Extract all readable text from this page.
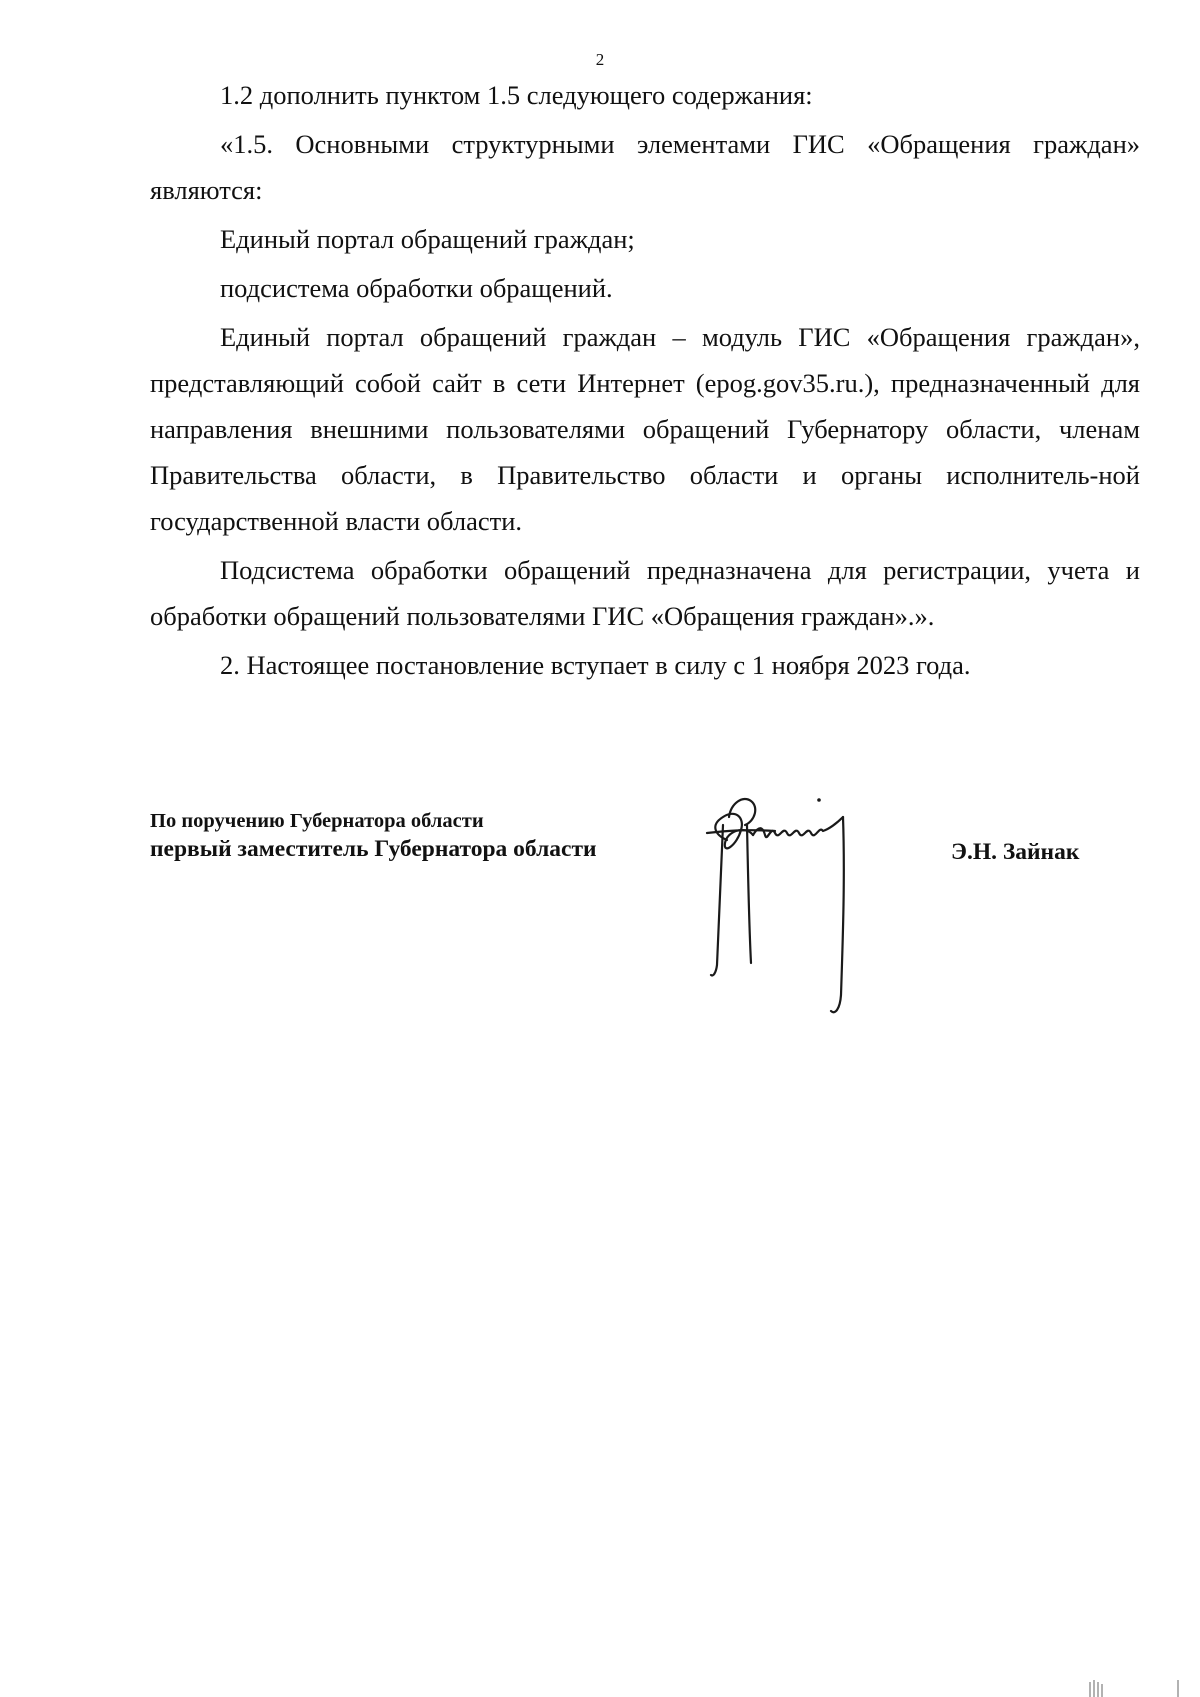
2

1.2 дополнить пунктом 1.5 следующего содержания:

«1.5. Основными структурными элементами ГИС «Обращения граждан» являются:

Единый портал обращений граждан;

подсистема обработки обращений.

Единый портал обращений граждан – модуль ГИС «Обращения граждан», представляющий собой сайт в сети Интернет (epog.gov35.ru.), предназначенный для направления внешними пользователями обращений Губернатору области, членам Правительства области, в Правительство области и органы исполнитель-ной государственной власти области.

Подсистема обработки обращений предназначена для регистрации, учета и обработки обращений пользователями ГИС «Обращения граждан».».

2. Настоящее постановление вступает в силу с 1 ноября 2023 года.

По поручению Губернатора области
первый заместитель Губернатора области	Э.Н. Зайнак
